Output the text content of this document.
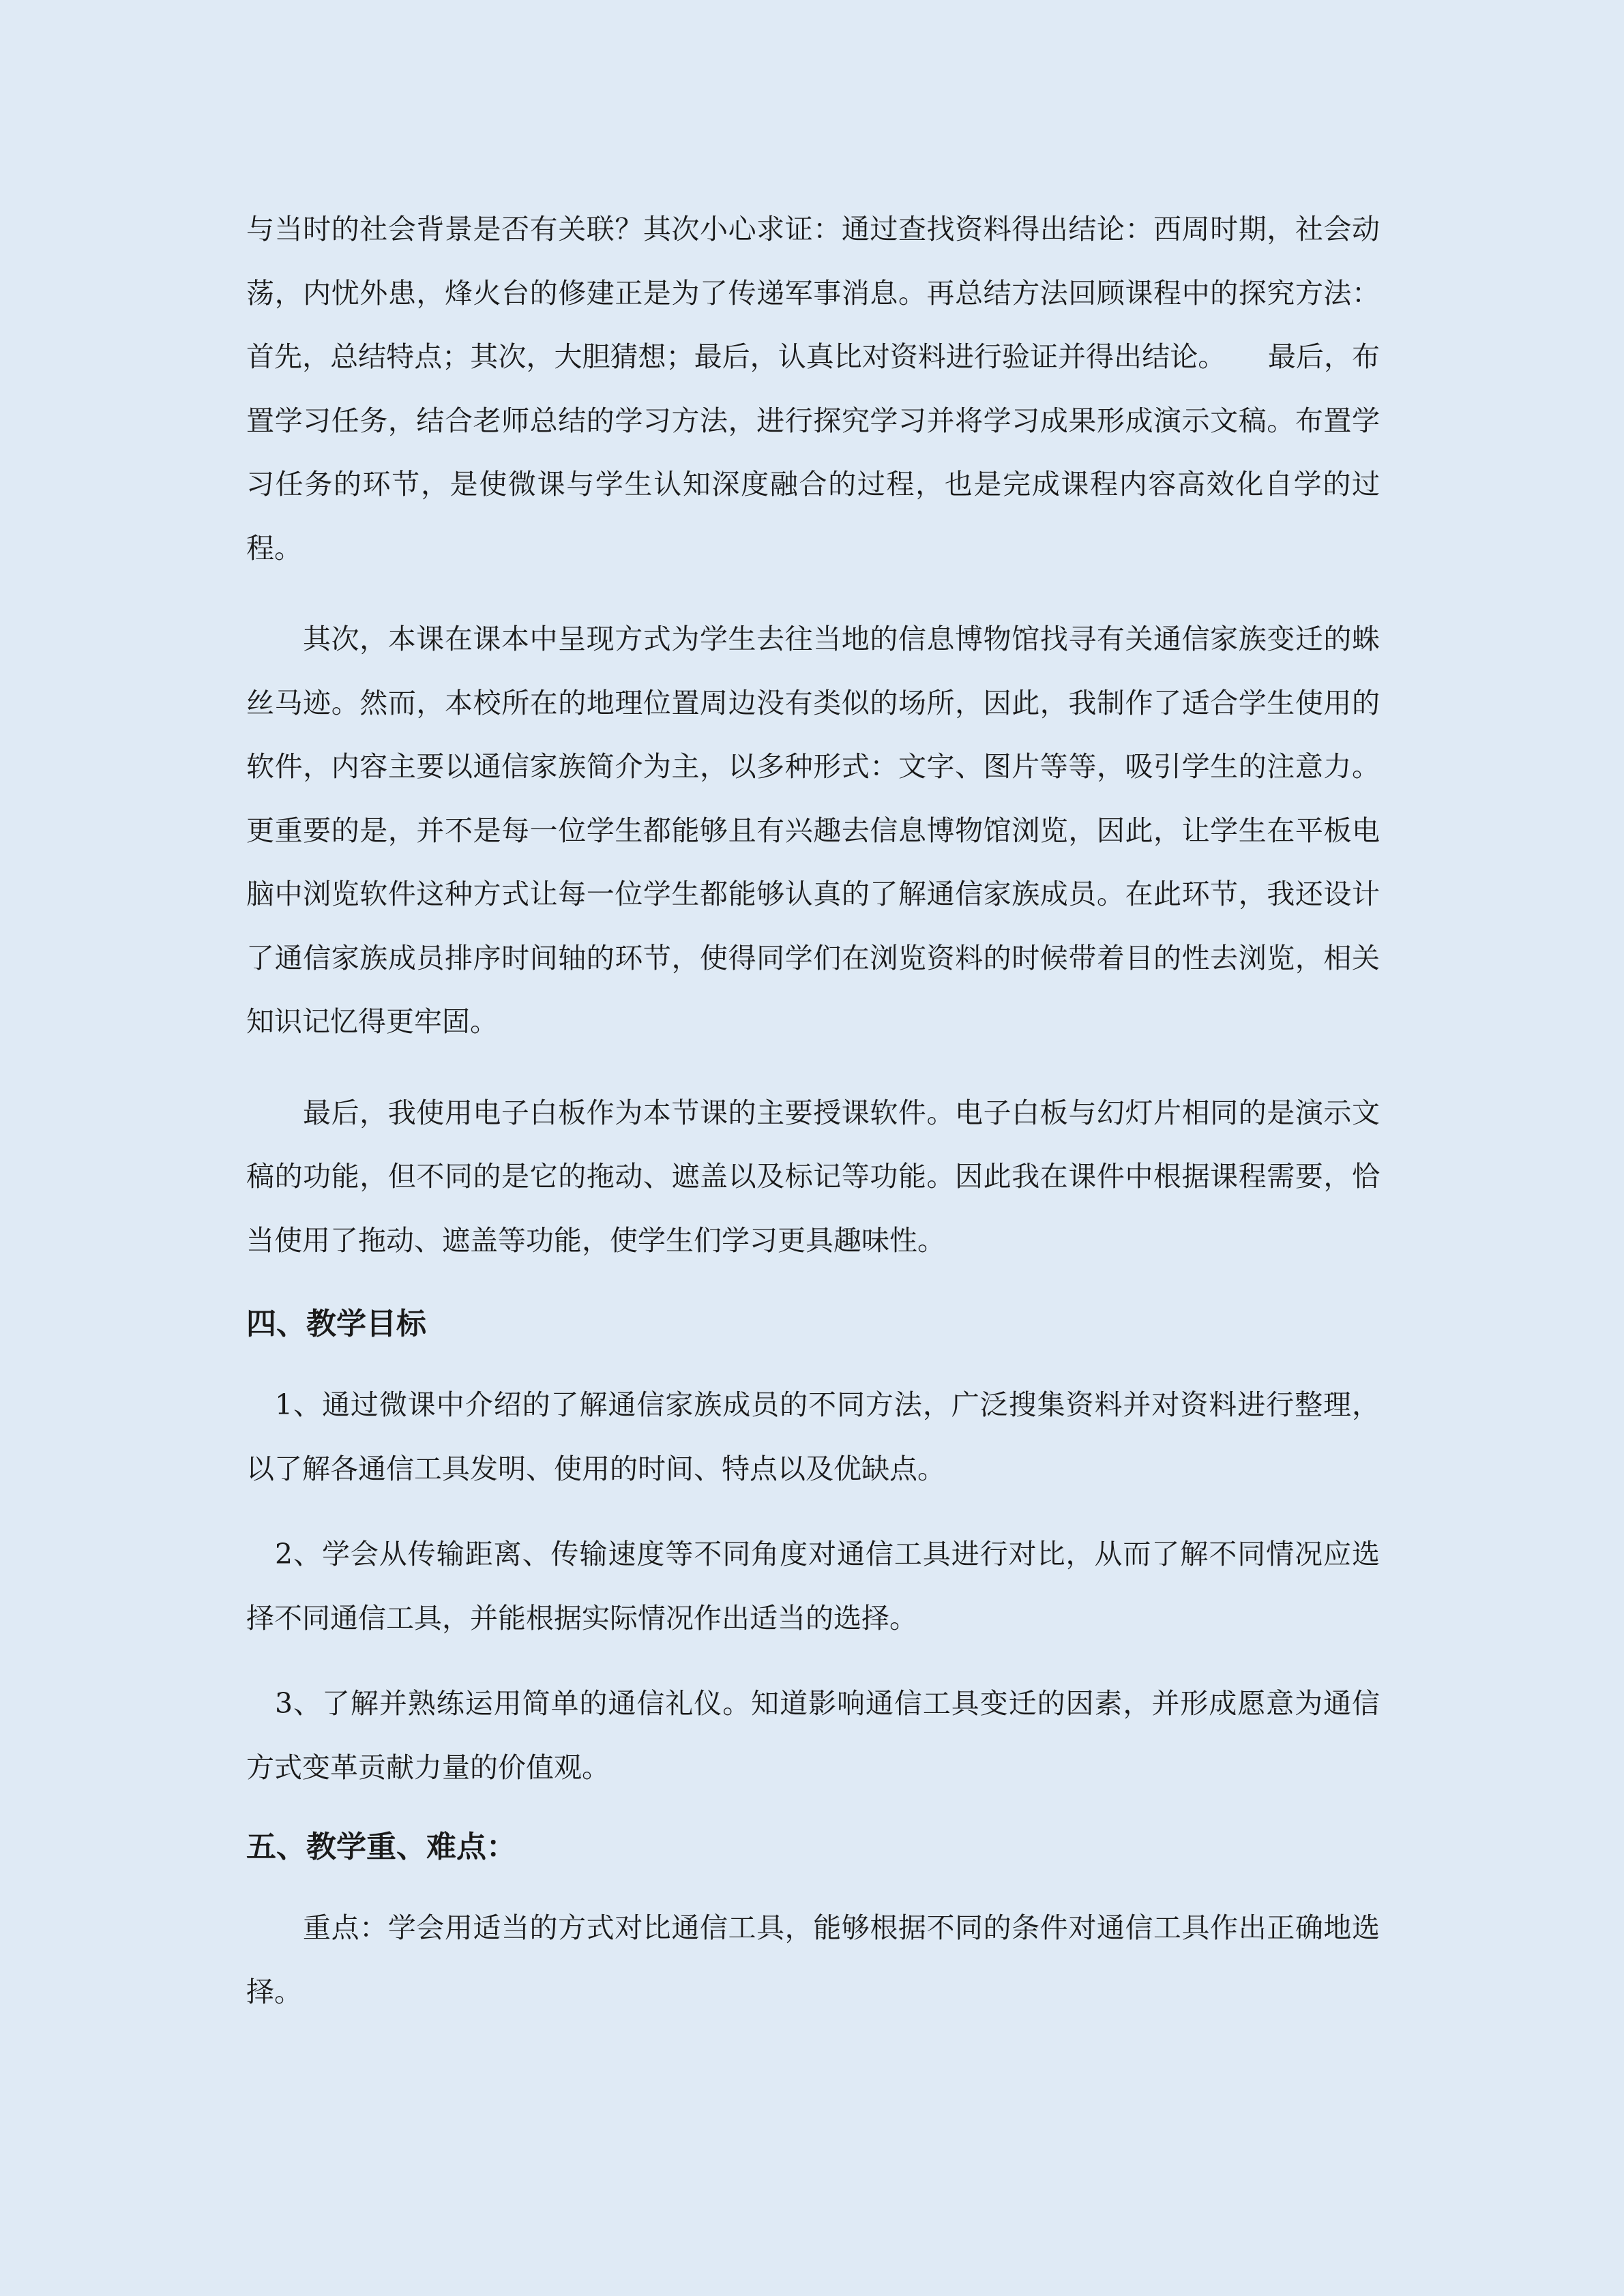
与当时的社会背景是否有关联？其次小心求证：通过查找资料得出结论：西周时期，社会动荡，内忧外患，烽火台的修建正是为了传递军事消息。再总结方法回顾课程中的探究方法：首先，总结特点；其次，大胆猜想；最后，认真比对资料进行验证并得出结论。　　最后，布置学习任务，结合老师总结的学习方法，进行探究学习并将学习成果形成演示文稿。布置学习任务的环节，是使微课与学生认知深度融合的过程，也是完成课程内容高效化自学的过程。

其次，本课在课本中呈现方式为学生去往当地的信息博物馆找寻有关通信家族变迁的蛛丝马迹。然而，本校所在的地理位置周边没有类似的场所，因此，我制作了适合学生使用的软件，内容主要以通信家族简介为主，以多种形式：文字、图片等等，吸引学生的注意力。更重要的是，并不是每一位学生都能够且有兴趣去信息博物馆浏览，因此，让学生在平板电脑中浏览软件这种方式让每一位学生都能够认真的了解通信家族成员。在此环节，我还设计了通信家族成员排序时间轴的环节，使得同学们在浏览资料的时候带着目的性去浏览，相关知识记忆得更牢固。

最后，我使用电子白板作为本节课的主要授课软件。电子白板与幻灯片相同的是演示文稿的功能，但不同的是它的拖动、遮盖以及标记等功能。因此我在课件中根据课程需要，恰当使用了拖动、遮盖等功能，使学生们学习更具趣味性。

四、教学目标

1、通过微课中介绍的了解通信家族成员的不同方法，广泛搜集资料并对资料进行整理，以了解各通信工具发明、使用的时间、特点以及优缺点。

2、学会从传输距离、传输速度等不同角度对通信工具进行对比，从而了解不同情况应选择不同通信工具，并能根据实际情况作出适当的选择。

3、了解并熟练运用简单的通信礼仪。知道影响通信工具变迁的因素，并形成愿意为通信方式变革贡献力量的价值观。

五、教学重、难点：

重点：学会用适当的方式对比通信工具，能够根据不同的条件对通信工具作出正确地选择。
